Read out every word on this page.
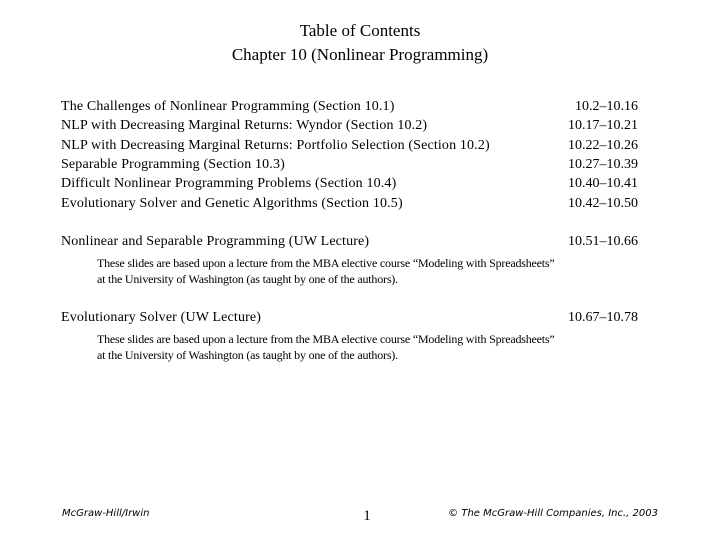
Table of Contents
Chapter 10 (Nonlinear Programming)
The Challenges of Nonlinear Programming (Section 10.1)	10.2–10.16
NLP with Decreasing Marginal Returns: Wyndor (Section 10.2)	10.17–10.21
NLP with Decreasing Marginal Returns: Portfolio Selection (Section 10.2)	10.22–10.26
Separable Programming (Section 10.3)	10.27–10.39
Difficult Nonlinear Programming Problems (Section 10.4)	10.40–10.41
Evolutionary Solver and Genetic Algorithms (Section 10.5)	10.42–10.50
Nonlinear and Separable Programming (UW Lecture)	10.51–10.66
These slides are based upon a lecture from the MBA elective course “Modeling with Spreadsheets”
at the University of Washington (as taught by one of the authors).
Evolutionary Solver (UW Lecture)	10.67–10.78
These slides are based upon a lecture from the MBA elective course “Modeling with Spreadsheets”
at the University of Washington (as taught by one of the authors).
McGraw-Hill/Irwin	1	© The McGraw-Hill Companies, Inc., 2003
